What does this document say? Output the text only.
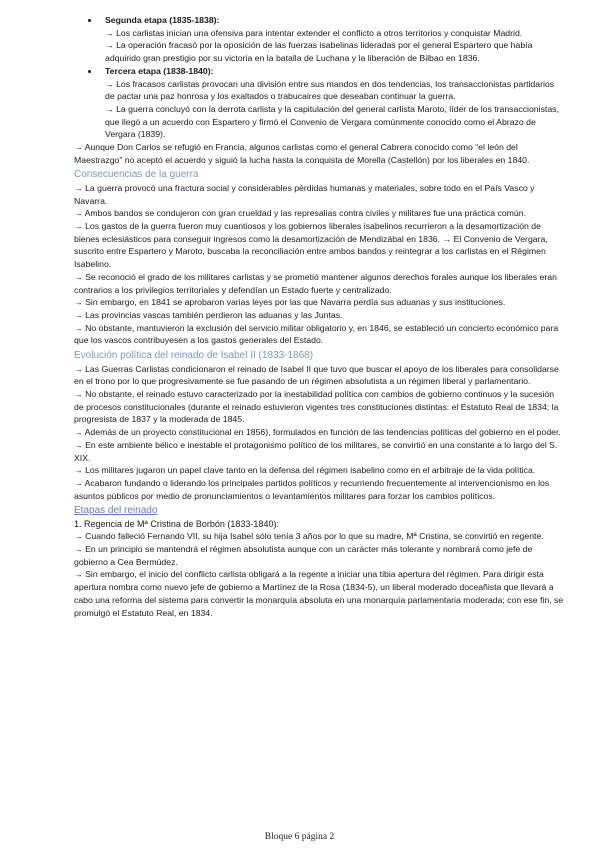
Segunda etapa (1835-1838):

→ Los carlistas inician una ofensiva para intentar extender el conflicto a otros territorios y conquistar Madrid.

→ La operación fracasó por la oposición de las fuerzas isabelinas lideradas por el general Espartero que había adquirido gran prestigio por su victoria en la batalla de Luchana y la liberación de Bilbao en 1836.

Tercera etapa (1838-1840):

→ Los fracasos carlistas provocan una división entre sus mandos en dos tendencias, los transaccionistas partidarios de pactar una paz honrosa y los exaltados o trabucaires que deseaban continuar la guerra.

→ La guerra concluyó con la derrota carlista y la capitulación del general carlista Maroto, líder de los transaccionistas, que llegó a un acuerdo con Espartero y firmó el Convenio de Vergara comúnmente conocido como el Abrazo de Vergara (1839).

→ Aunque Don Carlos se refugió en Francia, algunos carlistas como el general Cabrera conocido como “el león del Maestrazgo” no aceptó el acuerdo y siguió la lucha hasta la conquista de Morella (Castellón) por los liberales en 1840.

Consecuencias de la guerra

→ La guerra provocó una fractura social y considerables pérdidas humanas y materiales, sobre todo en el País Vasco y Navarra.

→ Ambos bandos se condujeron con gran crueldad y las represalias contra civiles y militares fue una práctica común.

→ Los gastos de la guerra fueron muy cuantiosos y los gobiernos liberales isabelinos recurrieron a la desamortización de bienes eclesiásticos para conseguir ingresos como la desamortización de Mendizábal en 1836. → El Convenio de Vergara, suscrito entre Espartero y Maroto, buscaba la reconciliación entre ambos bandos y reintegrar a los carlistas en el Régimen Isabelino.

→ Se reconoció el grado de los militares carlistas y se prometió mantener algunos derechos forales aunque los liberales eran contrarios a los privilegios territoriales y defendían un Estado fuerte y centralizado.

→ Sin embargo, en 1841 se aprobaron varias leyes por las que Navarra perdía sus aduanas y sus instituciones.

→ Las provincias vascas también perdieron las aduanas y las Juntas.

→ No obstante, mantuvieron la exclusión del servicio militar obligatorio y, en 1846, se estableció un concierto económico para que los vascos contribuyesen a los gastos generales del Estado.

Evolución política del reinado de Isabel II (1833-1868)

→ Las Guerras Carlistas condicionaron el reinado de Isabel II que tuvo que buscar el apoyo de los liberales para consolidarse en el trono por lo que progresivamente se fue pasando de un régimen absolutista a un régimen liberal y parlamentario.

→ No obstante, el reinado estuvo caracterizado por la inestabilidad política con cambios de gobierno continuos y la sucesión de procesos constitucionales (durante el reinado estuvieron vigentes tres constituciones distintas: el Estatuto Real de 1834; la progresista de 1837 y la moderada de 1845.

→ Además de un proyecto constitucional en 1856), formulados en función de las tendencias políticas del gobierno en el poder.

→ En este ambiente bélico e inestable el protagonismo político de los militares, se convirtió en una constante a lo largo del S. XIX.

→ Los militares jugaron un papel clave tanto en la defensa del régimen isabelino como en el arbitraje de la vida política.

→ Acabaron fundando o liderando los principales partidos políticos y recurriendo frecuentemente al intervencionismo en los asuntos públicos por medio de pronunciamientos o levantamientos militares para forzar los cambios políticos.

Etapas del reinado

1. Regencia de Mª Cristina de Borbón (1833-1840):

→ Cuando falleció Fernando VII, su hija Isabel sólo tenía 3 años por lo que su madre, Mª Cristina, se convirtió en regente.

→ En un principio se mantendrá el régimen absolutista aunque con un carácter más tolerante y nombrará como jefe de gobierno a Cea Bermúdez.

→ Sin embargo, el inicio del conflicto carlista obligará a la regente a iniciar una tibia apertura del régimen. Para dirigir esta apertura nombra como nuevo jefe de gobierno a Martínez de la Rosa (1834-5), un liberal moderado doceañista que llevará a cabo una reforma del sistema para convertir la monarquía absoluta en una monarquía parlamentaria moderada; con ese fin, se promulgó el Estatuto Real, en 1834.

Bloque 6 página 2
